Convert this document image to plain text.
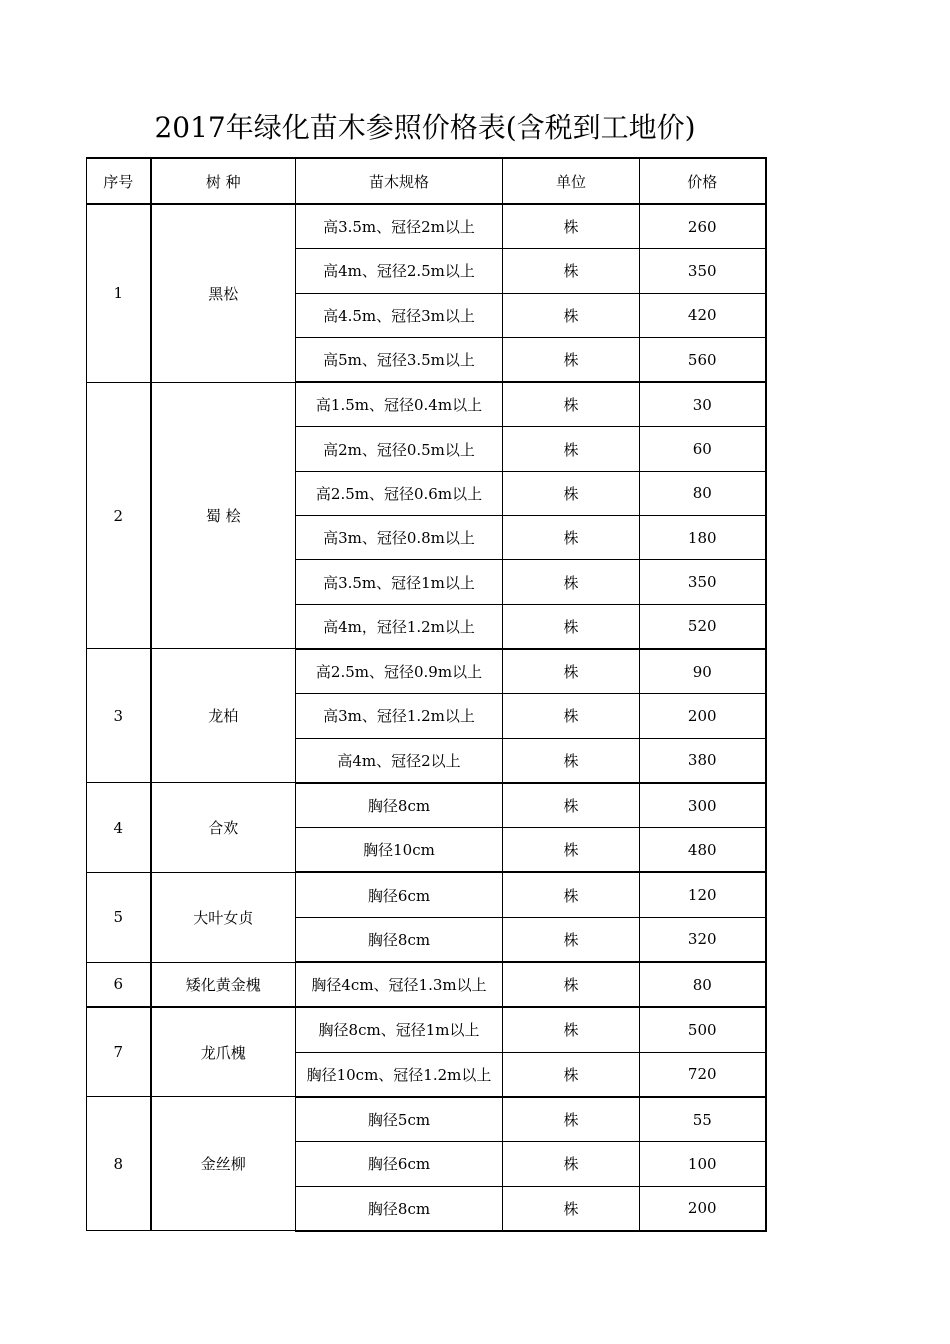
2017年绿化苗木参照价格表(含税到工地价)
序号	树 种	苗木规格	单位	价格
1	黑松	高3.5m、冠径2m以上	株	260
		高4m、冠径2.5m以上	株	350
		高4.5m、冠径3m以上	株	420
		高5m、冠径3.5m以上	株	560
2	蜀 桧	高1.5m、冠径0.4m以上	株	30
		高2m、冠径0.5m以上	株	60
		高2.5m、冠径0.6m以上	株	80
		高3m、冠径0.8m以上	株	180
		高3.5m、冠径1m以上	株	350
		高4m，冠径1.2m以上	株	520
3	龙柏	高2.5m、冠径0.9m以上	株	90
		高3m、冠径1.2m以上	株	200
		高4m、冠径2以上	株	380
4	合欢	胸径8cm	株	300
		胸径10cm	株	480
5	大叶女贞	胸径6cm	株	120
		胸径8cm	株	320
6	矮化黄金槐	胸径4cm、冠径1.3m以上	株	80
7	龙爪槐	胸径8cm、冠径1m以上	株	500
		胸径10cm、冠径1.2m以上	株	720
8	金丝柳	胸径5cm	株	55
		胸径6cm	株	100
		胸径8cm	株	200
